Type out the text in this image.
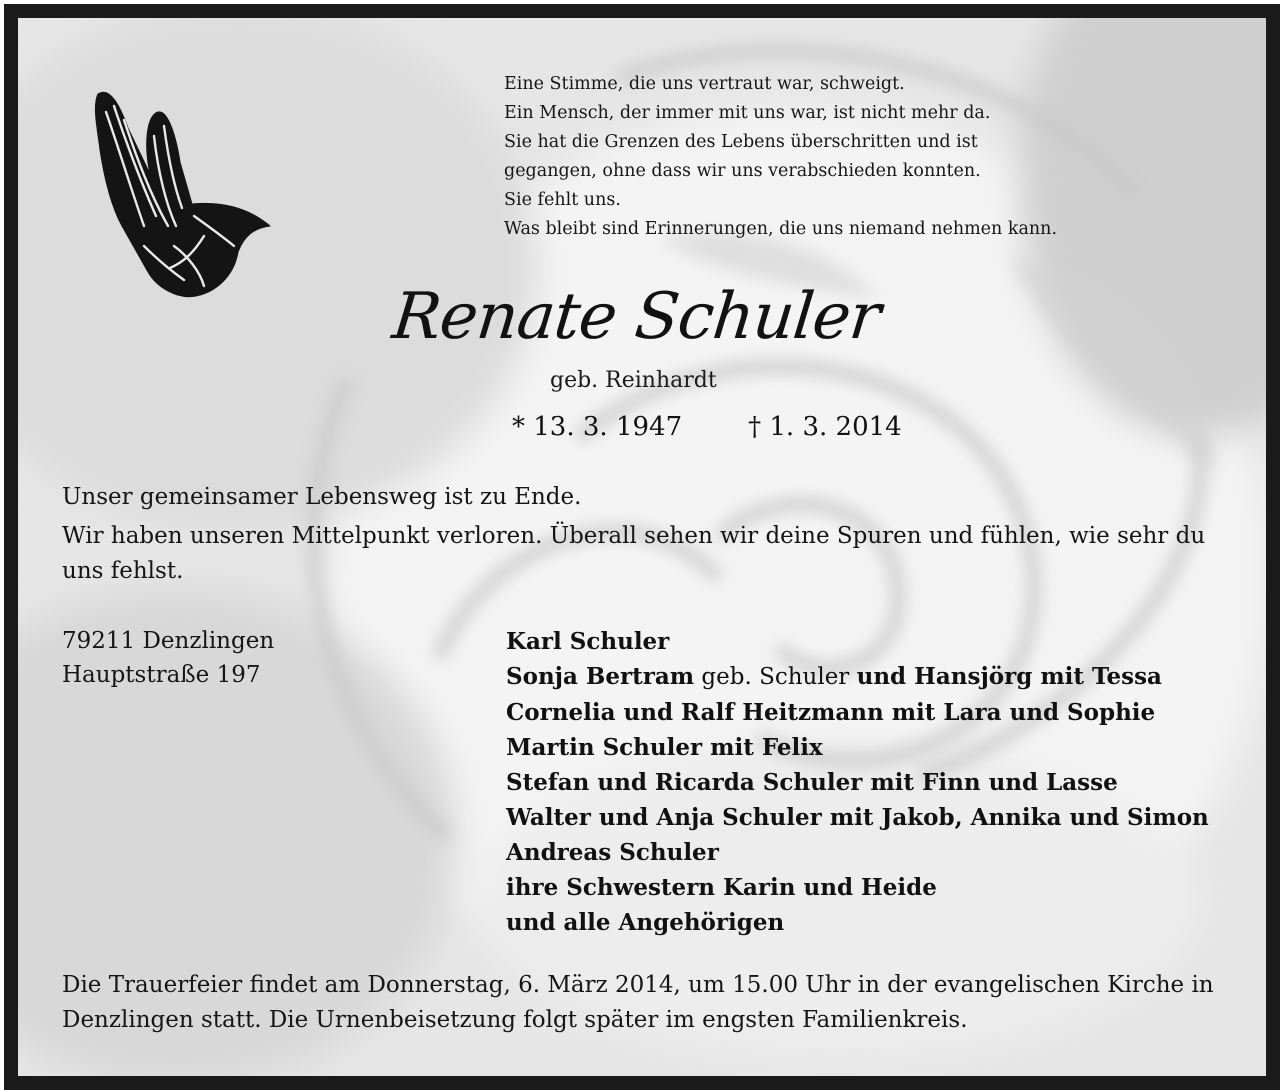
Eine Stimme, die uns vertraut war, schweigt.
Ein Mensch, der immer mit uns war, ist nicht mehr da.
Sie hat die Grenzen des Lebens überschritten und ist
gegangen, ohne dass wir uns verabschieden konnten.
Sie fehlt uns.
Was bleibt sind Erinnerungen, die uns niemand nehmen kann.
Renate Schuler
geb. Reinhardt
* 13. 3. 1947	† 1. 3. 2014

Unser gemeinsamer Lebensweg ist zu Ende.

Wir haben unseren Mittelpunkt verloren. Überall sehen wir deine Spuren und fühlen, wie sehr du uns fehlst.

79211 Denzlingen
Hauptstraße 197
Karl Schuler
Sonja Bertram geb. Schuler und Hansjörg mit Tessa
Cornelia und Ralf Heitzmann mit Lara und Sophie
Martin Schuler mit Felix
Stefan und Ricarda Schuler mit Finn und Lasse
Walter und Anja Schuler mit Jakob, Annika und Simon
Andreas Schuler
ihre Schwestern Karin und Heide
und alle Angehörigen
Die Trauerfeier findet am Donnerstag, 6. März 2014, um 15.00 Uhr in der evangelischen Kirche in Denzlingen statt. Die Urnenbeisetzung folgt später im engsten Familienkreis.
